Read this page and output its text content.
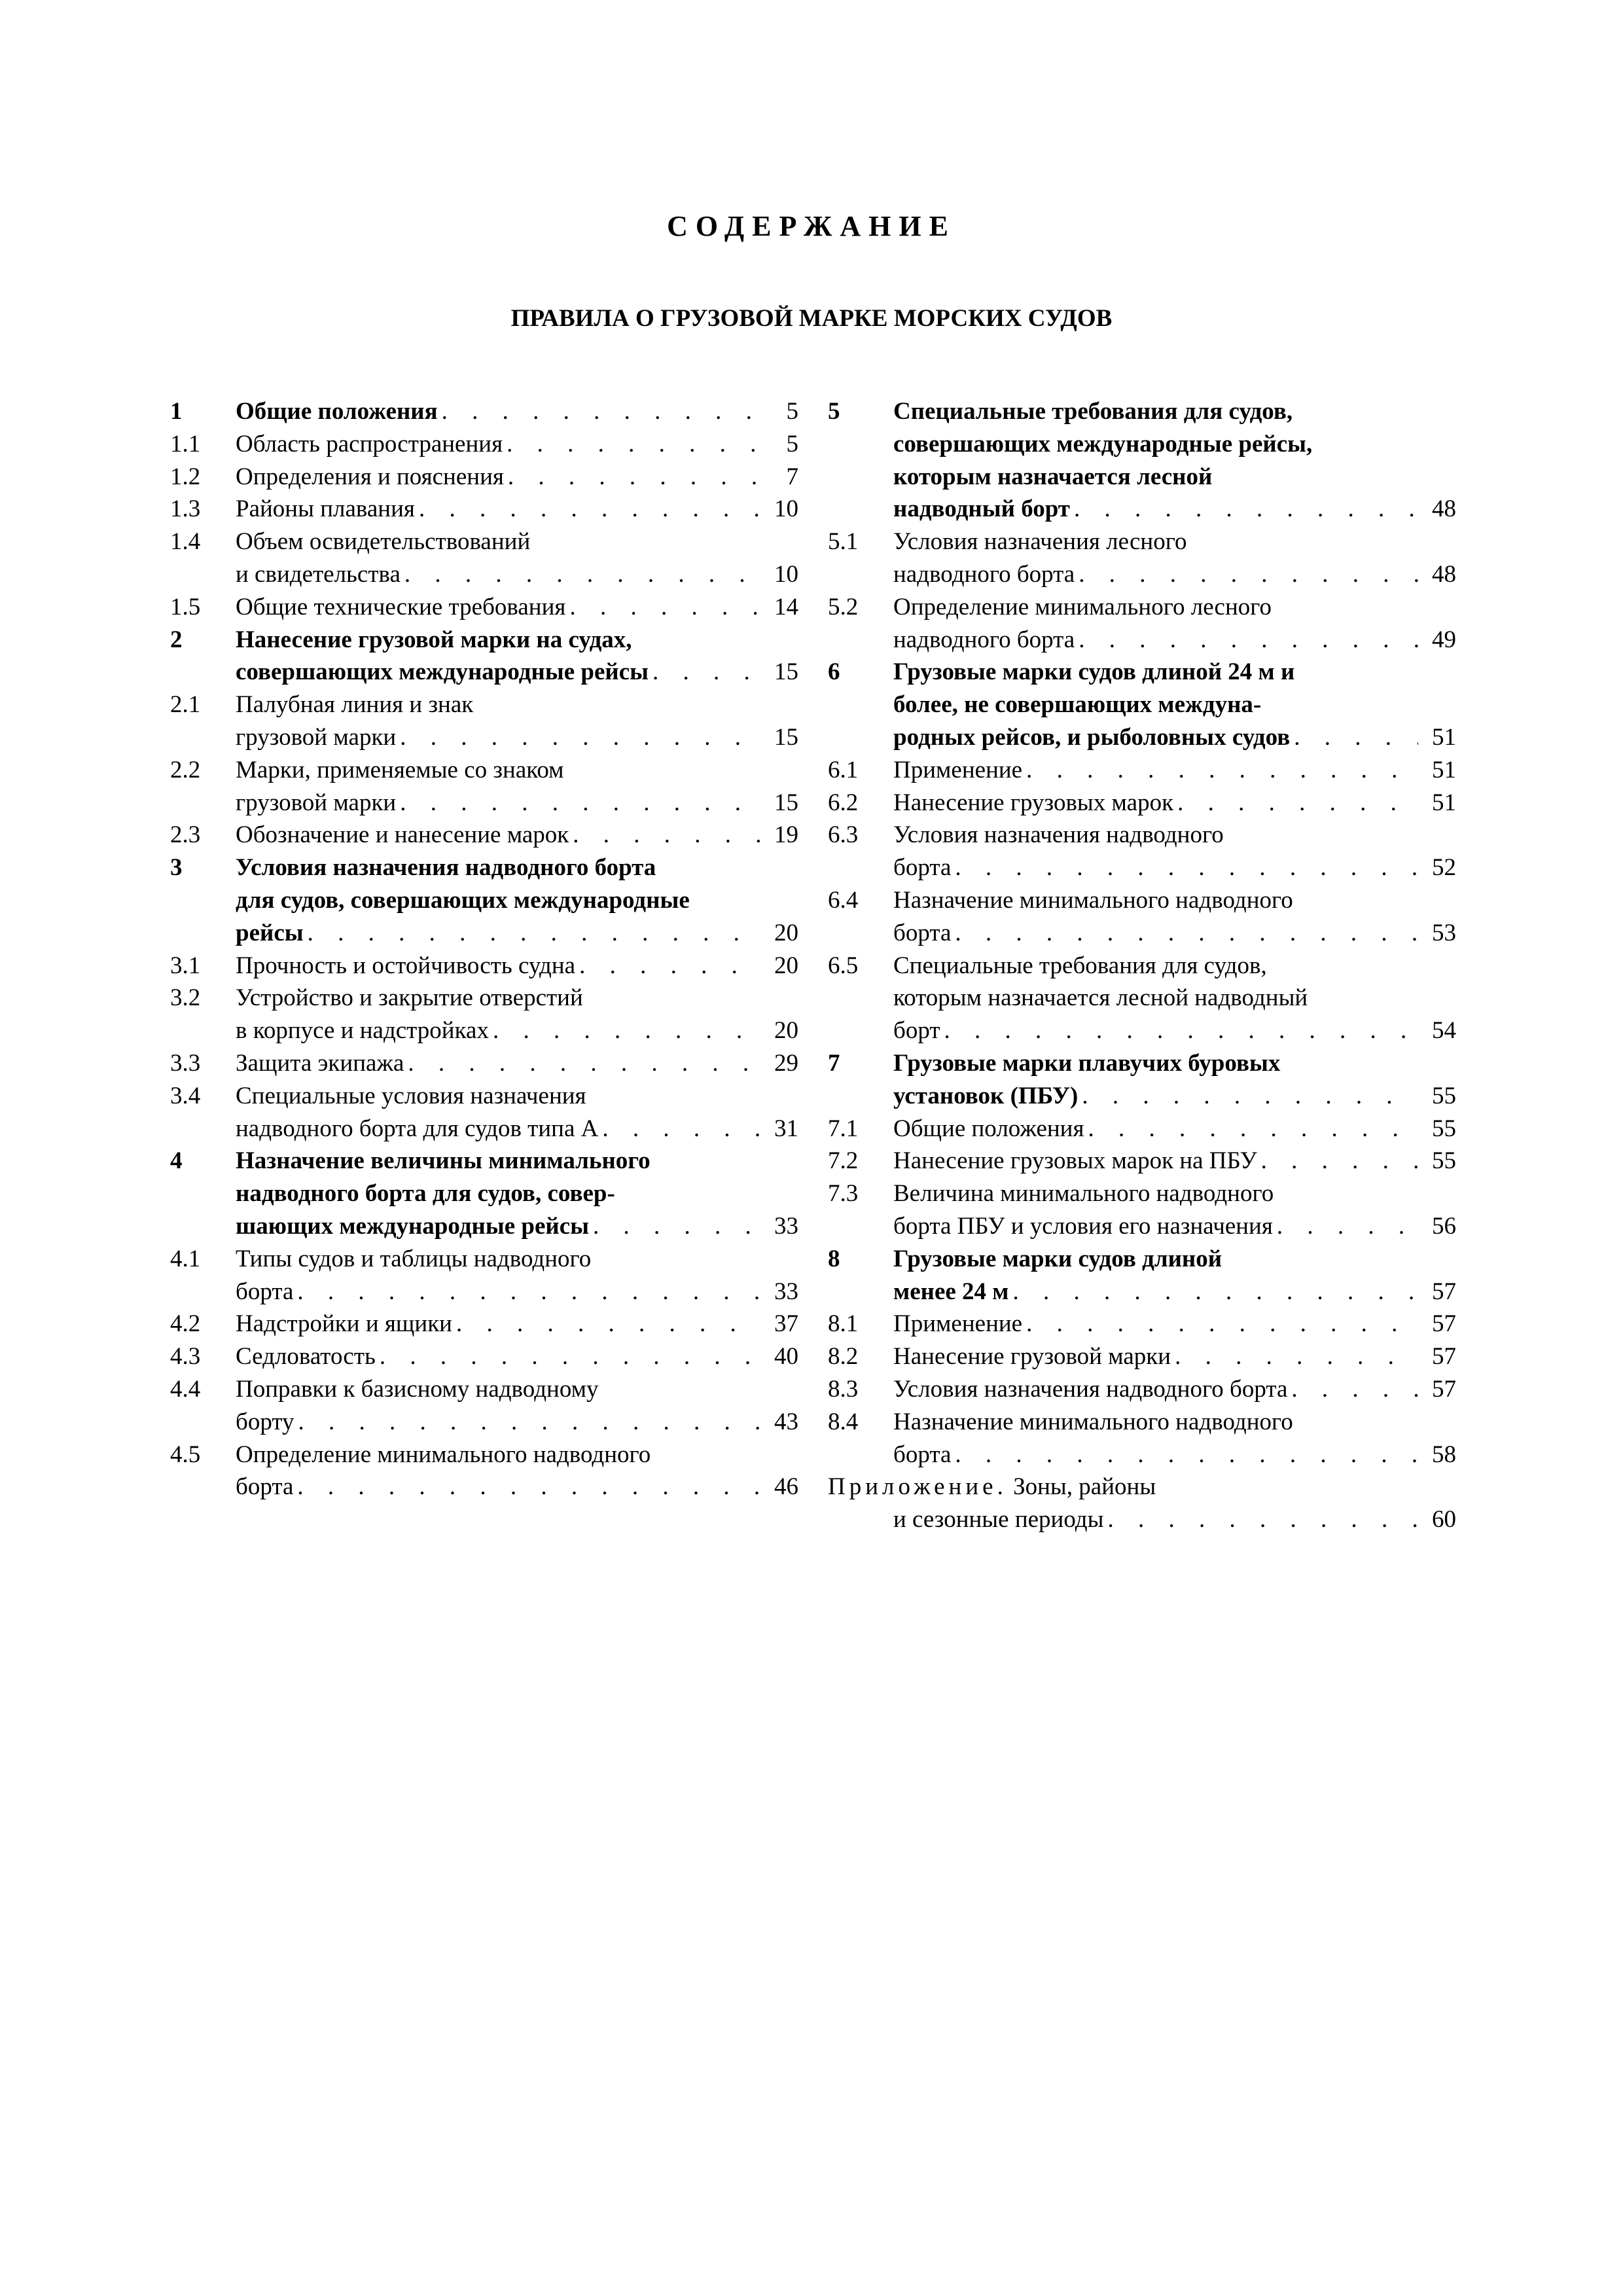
СОДЕРЖАНИЕ
ПРАВИЛА О ГРУЗОВОЙ МАРКЕ МОРСКИХ СУДОВ
1	Общие положения . . .	5
1.1	Область распространения . . .	5
1.2	Определения и пояснения . . .	7
1.3	Районы плавания . . .	10
1.4	Объем освидетельствований
и свидетельства . . .	10
1.5	Общие технические требования . . .	14
2	Нанесение грузовой марки на судах,
совершающих международные рейсы . . .	15
2.1	Палубная линия и знак
грузовой марки . . .	15
2.2	Марки, применяемые со знаком
грузовой марки . . .	15
2.3	Обозначение и нанесение марок . . .	19
3	Условия назначения надводного борта
для судов, совершающих международные
рейсы . . .	20
3.1	Прочность и остойчивость судна . . .	20
3.2	Устройство и закрытие отверстий
в корпусе и надстройках . . .	20
3.3	Защита экипажа . . .	29
3.4	Специальные условия назначения
надводного борта для судов типа А . . .	31
4	Назначение величины минимального
надводного борта для судов, совер-
шающих международные рейсы . . .	33
4.1	Типы судов и таблицы надводного
борта . . .	33
4.2	Надстройки и ящики . . .	37
4.3	Седловатость . . .	40
4.4	Поправки к базисному надводному
борту . . .	43
4.5	Определение минимального надводного
борта . . .	46
5	Специальные требования для судов,
совершающих международные рейсы,
которым назначается лесной
надводный борт . . .	48
5.1	Условия назначения лесного
надводного борта . . .	48
5.2	Определение минимального лесного
надводного борта . . .	49
6	Грузовые марки судов длиной 24 м и
более, не совершающих междуна-
родных рейсов, и рыболовных судов . . .	51
6.1	Применение . . .	51
6.2	Нанесение грузовых марок . . .	51
6.3	Условия назначения надводного
борта . . .	52
6.4	Назначение минимального надводного
борта . . .	53
6.5	Специальные требования для судов,
которым назначается лесной надводный
борт . . .	54
7	Грузовые марки плавучих буровых
установок (ПБУ) . . .	55
7.1	Общие положения . . .	55
7.2	Нанесение грузовых марок на ПБУ . . .	55
7.3	Величина минимального надводного
борта ПБУ и условия его назначения . . .	56
8	Грузовые марки судов длиной
менее 24 м . . .	57
8.1	Применение . . .	57
8.2	Нанесение грузовой марки . . .	57
8.3	Условия назначения надводного борта . . .	57
8.4	Назначение минимального надводного
борта . . .	58
Приложение.
Зоны, районы
и сезонные периоды . . .	60
